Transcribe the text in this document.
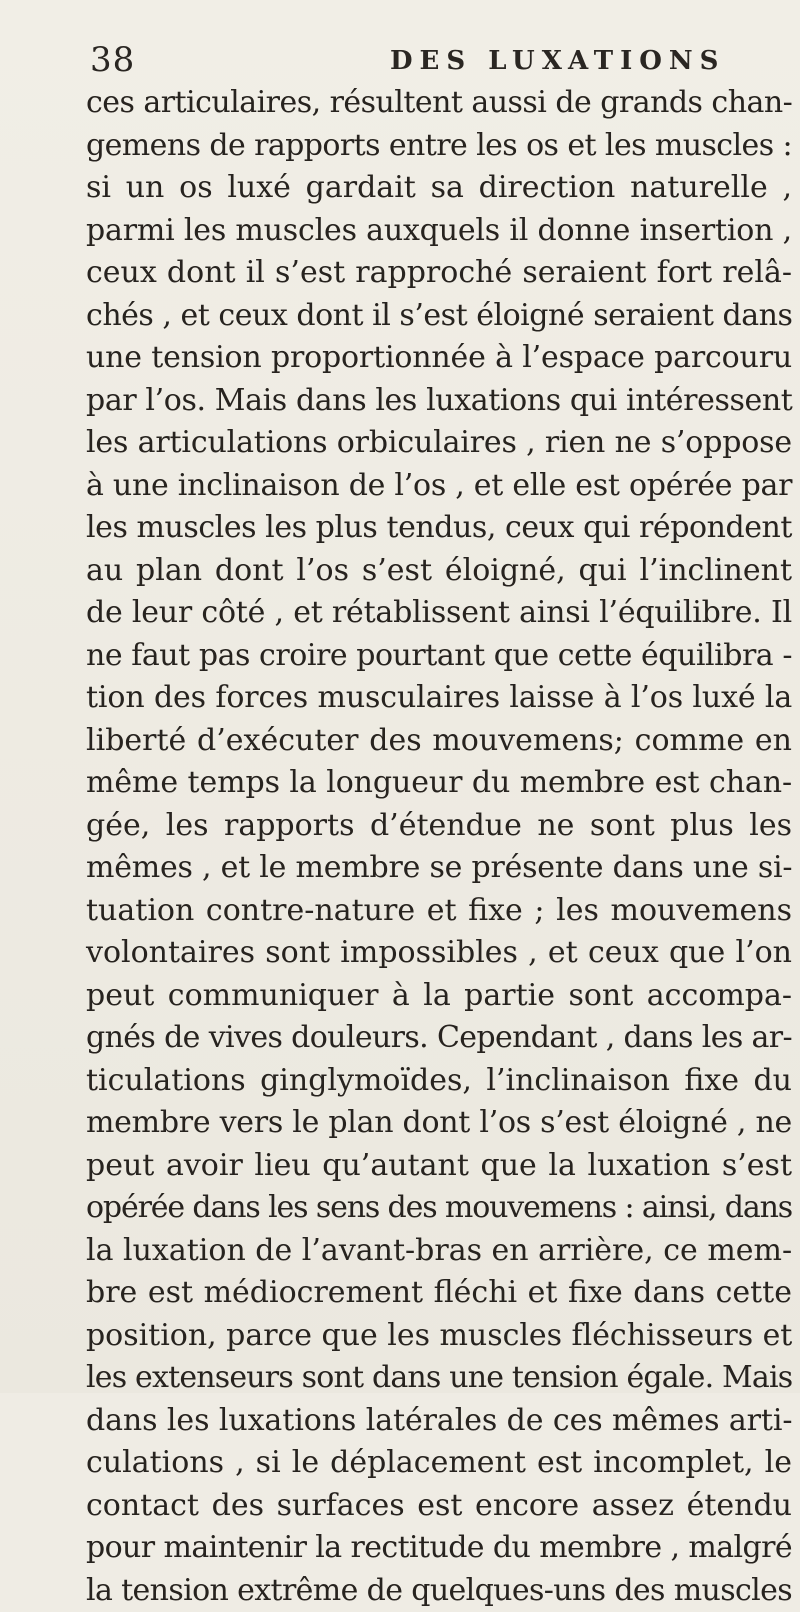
38	DES LUXATIONS
ces articulaires, résultent aussi de grands chan-
gemens de rapports entre les os et les muscles :
si un os luxé gardait sa direction naturelle ,
parmi les muscles auxquels il donne insertion ,
ceux dont il s’est rapproché seraient fort relâ-
chés , et ceux dont il s’est éloigné seraient dans
une tension proportionnée à l’espace parcouru
par l’os. Mais dans les luxations qui intéressent
les articulations orbiculaires , rien ne s’oppose
à une inclinaison de l’os , et elle est opérée par
les muscles les plus tendus, ceux qui répondent
au plan dont l’os s’est éloigné, qui l’inclinent
de leur côté , et rétablissent ainsi l’équilibre. Il
ne faut pas croire pourtant que cette équilibra -
tion des forces musculaires laisse à l’os luxé la
liberté d’exécuter des mouvemens; comme en
même temps la longueur du membre est chan-
gée, les rapports d’étendue ne sont plus les
mêmes , et le membre se présente dans une si-
tuation contre-nature et fixe ; les mouvemens
volontaires sont impossibles , et ceux que l’on
peut communiquer à la partie sont accompa-
gnés de vives douleurs. Cependant , dans les ar-
ticulations ginglymoïdes, l’inclinaison fixe du
membre vers le plan dont l’os s’est éloigné , ne
peut avoir lieu qu’autant que la luxation s’est
opérée dans les sens des mouvemens : ainsi, dans
la luxation de l’avant-bras en arrière, ce mem-
bre est médiocrement fléchi et fixe dans cette
position, parce que les muscles fléchisseurs et
les extenseurs sont dans une tension égale. Mais
dans les luxations latérales de ces mêmes arti-
culations , si le déplacement est incomplet, le
contact des surfaces est encore assez étendu
pour maintenir la rectitude du membre , malgré
la tension extrême de quelques-uns des muscles
